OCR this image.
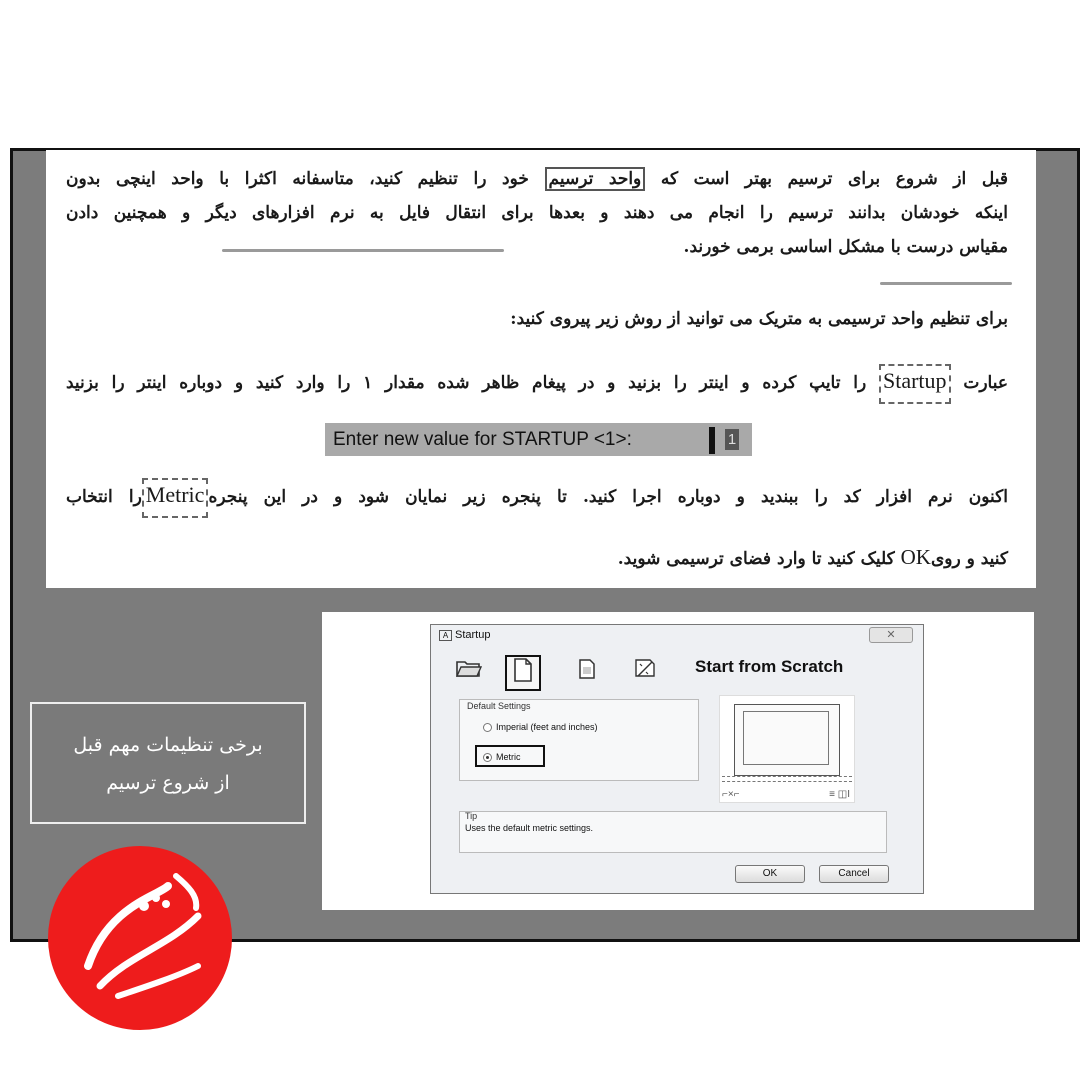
قبل از شروع برای ترسیم بهتر است که واحد ترسیم خود را تنظیم کنید، متاسفانه اکثرا با واحد اینچی بدون
اینکه خودشان بدانند ترسیم را انجام می دهند و بعدها برای انتقال فایل به نرم افزارهای دیگر و همچنین دادن
مقیاس درست با مشکل اساسی برمی خورند.
برای تنظیم واحد ترسیمی به متریک می توانید از روش زیر پیروی کنید:
عبارت Startup را تایپ کرده و اینتر را بزنید و در پیغام ظاهر شده مقدار ۱ را وارد کنید و دوباره اینتر را بزنید
اکنون نرم افزار کد را ببندید و دوباره اجرا کنید. تا پنجره زیر نمایان شود و در این پنجرهMetricرا انتخاب
کنید و رویOK کلیک کنید تا وارد فضای ترسیمی شوید.
Enter new value for STARTUP <1>:	1
A Startup	✕
Start from Scratch
Default Settings
Imperial (feet and inches)
Metric
⌐×⌐	≡ ◫Ι
Tip
Uses the default metric settings.
OK	Cancel
برخی تنظیمات مهم قبل
از شروع ترسیم
